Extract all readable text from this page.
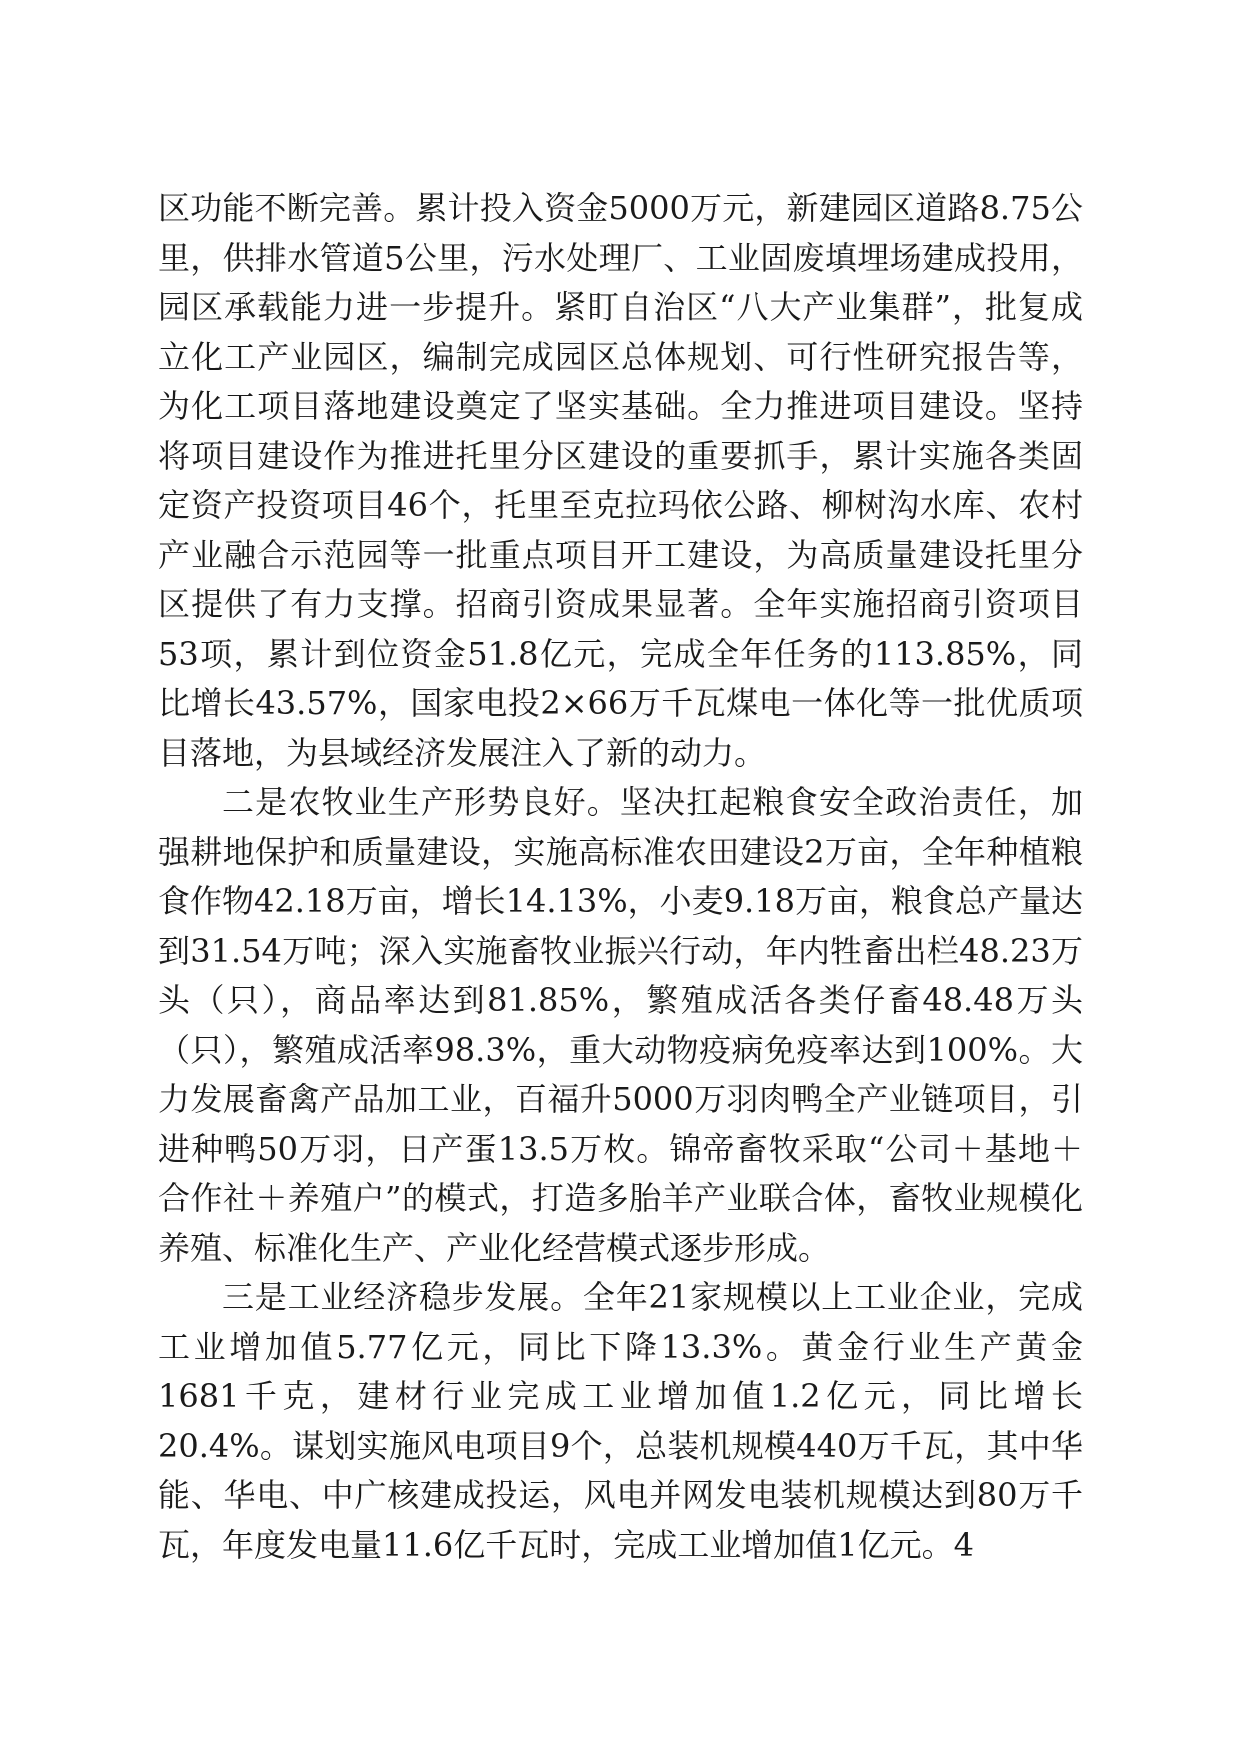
区功能不断完善。累计投入资金5000万元，新建园区道路8.75公里，供排水管道5公里，污水处理厂、工业固废填埋场建成投用，园区承载能力进一步提升。紧盯自治区“八大产业集群”，批复成立化工产业园区，编制完成园区总体规划、可行性研究报告等，为化工项目落地建设奠定了坚实基础。全力推进项目建设。坚持将项目建设作为推进托里分区建设的重要抓手，累计实施各类固定资产投资项目46个，托里至克拉玛依公路、柳树沟水库、农村产业融合示范园等一批重点项目开工建设，为高质量建设托里分区提供了有力支撑。招商引资成果显著。全年实施招商引资项目53项，累计到位资金51.8亿元，完成全年任务的113.85%，同比增长43.57%，国家电投2×66万千瓦煤电一体化等一批优质项目落地，为县域经济发展注入了新的动力。

二是农牧业生产形势良好。坚决扛起粮食安全政治责任，加强耕地保护和质量建设，实施高标准农田建设2万亩，全年种植粮食作物42.18万亩，增长14.13%，小麦9.18万亩，粮食总产量达到31.54万吨；深入实施畜牧业振兴行动，年内牲畜出栏48.23万头（只），商品率达到81.85%，繁殖成活各类仔畜48.48万头（只），繁殖成活率98.3%，重大动物疫病免疫率达到100%。大力发展畜禽产品加工业，百福升5000万羽肉鸭全产业链项目，引进种鸭50万羽，日产蛋13.5万枚。锦帝畜牧采取“公司＋基地＋合作社＋养殖户”的模式，打造多胎羊产业联合体，畜牧业规模化养殖、标准化生产、产业化经营模式逐步形成。

三是工业经济稳步发展。全年21家规模以上工业企业，完成工业增加值5.77亿元，同比下降13.3%。黄金行业生产黄金1681千克，建材行业完成工业增加值1.2亿元，同比增长20.4%。谋划实施风电项目9个，总装机规模440万千瓦，其中华能、华电、中广核建成投运，风电并网发电装机规模达到80万千瓦，年度发电量11.6亿千瓦时，完成工业增加值1亿元。4
